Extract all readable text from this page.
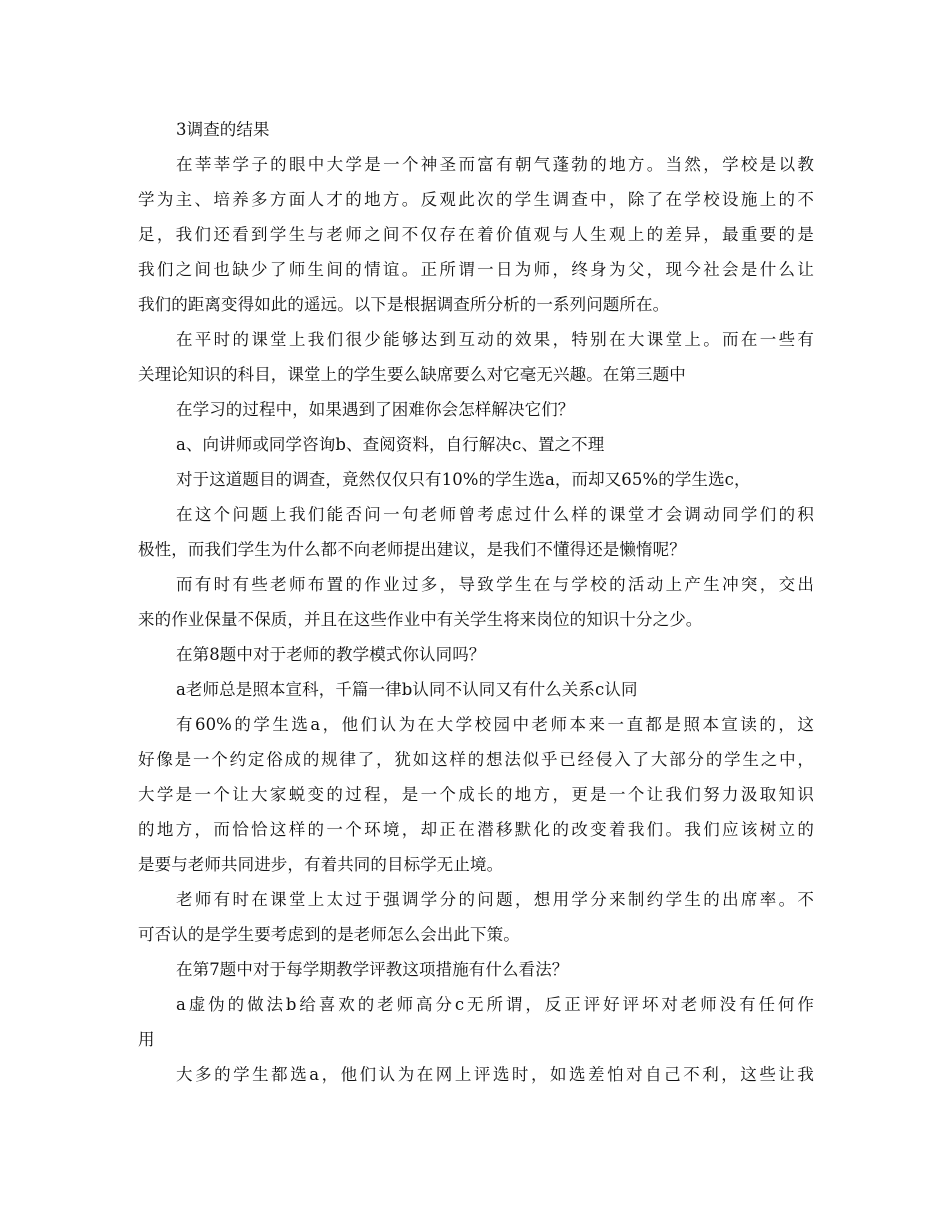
3调查的结果
在莘莘学子的眼中大学是一个神圣而富有朝气蓬勃的地方。当然，学校是以教
学为主、培养多方面人才的地方。反观此次的学生调查中，除了在学校设施上的不
足，我们还看到学生与老师之间不仅存在着价值观与人生观上的差异，最重要的是
我们之间也缺少了师生间的情谊。正所谓一日为师，终身为父，现今社会是什么让
我们的距离变得如此的遥远。以下是根据调查所分析的一系列问题所在。
在平时的课堂上我们很少能够达到互动的效果，特别在大课堂上。而在一些有
关理论知识的科目，课堂上的学生要么缺席要么对它毫无兴趣。在第三题中
在学习的过程中，如果遇到了困难你会怎样解决它们？
a、向讲师或同学咨询b、查阅资料，自行解决c、置之不理
对于这道题目的调查，竟然仅仅只有10%的学生选a，而却又65%的学生选c，
在这个问题上我们能否问一句老师曾考虑过什么样的课堂才会调动同学们的积
极性，而我们学生为什么都不向老师提出建议，是我们不懂得还是懒惰呢？
而有时有些老师布置的作业过多，导致学生在与学校的活动上产生冲突，交出
来的作业保量不保质，并且在这些作业中有关学生将来岗位的知识十分之少。
在第8题中对于老师的教学模式你认同吗？
a老师总是照本宣科，千篇一律b认同不认同又有什么关系c认同
有60%的学生选a，他们认为在大学校园中老师本来一直都是照本宣读的，这
好像是一个约定俗成的规律了，犹如这样的想法似乎已经侵入了大部分的学生之中，
大学是一个让大家蜕变的过程，是一个成长的地方，更是一个让我们努力汲取知识
的地方，而恰恰这样的一个环境，却正在潜移默化的改变着我们。我们应该树立的
是要与老师共同进步，有着共同的目标学无止境。
老师有时在课堂上太过于强调学分的问题，想用学分来制约学生的出席率。不
可否认的是学生要考虑到的是老师怎么会出此下策。
在第7题中对于每学期教学评教这项措施有什么看法？
a虚伪的做法b给喜欢的老师高分c无所谓，反正评好评坏对老师没有任何作
用
大多的学生都选a，他们认为在网上评选时，如选差怕对自己不利，这些让我
